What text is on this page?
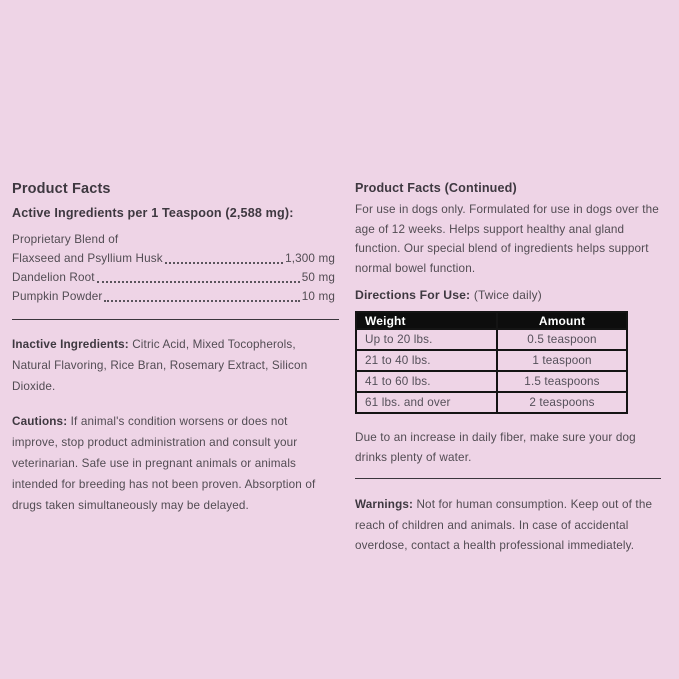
Product Facts
Active Ingredients per 1 Teaspoon (2,588 mg):
Proprietary Blend of
Flaxseed and Psyllium Husk	1,300 mg
Dandelion Root	50 mg
Pumpkin Powder	10 mg

Inactive Ingredients: Citric Acid, Mixed Tocopherols, Natural Flavoring, Rice Bran, Rosemary Extract, Silicon Dioxide.

Cautions: If animal's condition worsens or does not improve, stop product administration and consult your veterinarian. Safe use in pregnant animals or animals intended for breeding has not been proven. Absorption of drugs taken simultaneously may be delayed.

Product Facts (Continued)

For use in dogs only. Formulated for use in dogs over the age of 12 weeks. Helps support healthy anal gland function. Our special blend of ingredients helps support normal bowel function.

Directions For Use: (Twice daily)

Weight	Amount
Up to 20 lbs.	0.5 teaspoon
21 to 40 lbs.	1 teaspoon
41 to 60 lbs.	1.5 teaspoons
61 lbs. and over	2 teaspoons

Due to an increase in daily fiber, make sure your dog drinks plenty of water.

Warnings: Not for human consumption. Keep out of the reach of children and animals. In case of accidental overdose, contact a health professional immediately.
